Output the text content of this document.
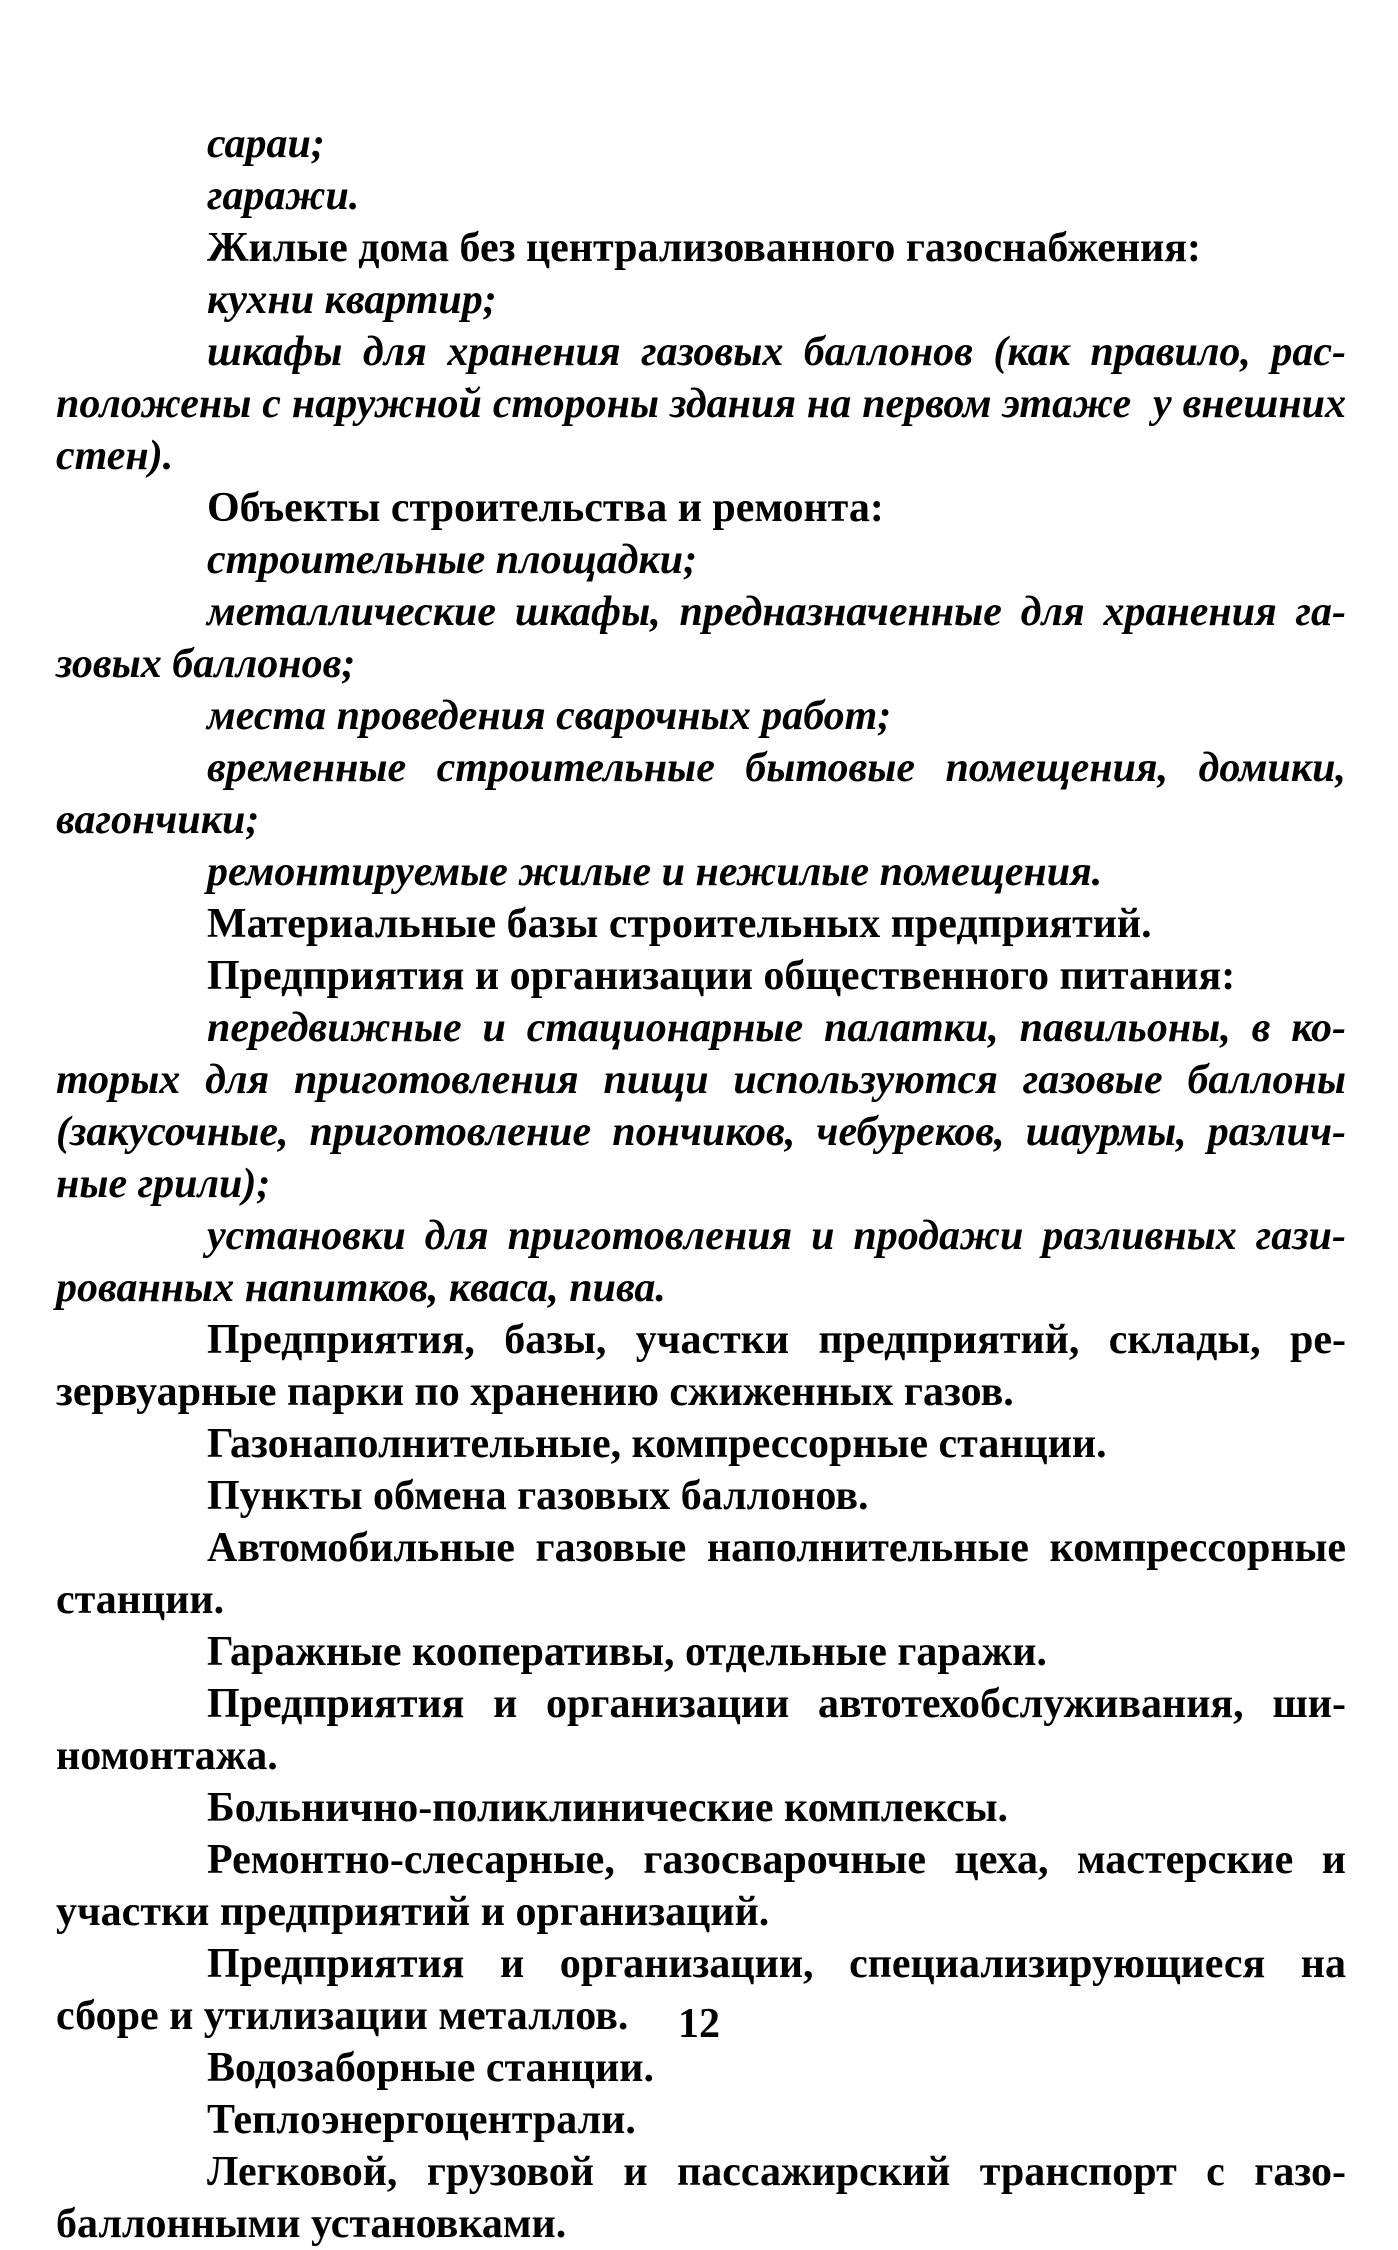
сараи;

гаражи.

Жилые дома без централизованного газоснабжения:

кухни квартир;

шкафы для хранения газовых баллонов (как правило, расположены с наружной стороны здания на первом этаже  у внешних стен).

Объекты строительства и ремонта:

строительные площадки;

металлические шкафы, предназначенные для хранения газовых баллонов;

места проведения сварочных работ;

временные строительные бытовые помещения, домики, вагончики;

ремонтируемые жилые и нежилые помещения.

Материальные базы строительных предприятий.

Предприятия и организации общественного питания:

передвижные и стационарные палатки, павильоны, в которых для приготовления пищи используются газовые баллоны (закусочные, приготовление пончиков, чебуреков, шаурмы, различные грили);

установки для приготовления и продажи разливных газированных напитков, кваса, пива.

Предприятия, базы, участки предприятий, склады, резервуарные парки по хранению сжиженных газов.

Газонаполнительные, компрессорные станции.

Пункты обмена газовых баллонов.

Автомобильные газовые наполнительные компрессорные станции.

Гаражные кооперативы, отдельные гаражи.

Предприятия и организации автотехобслуживания, шиномонтажа.

Больнично-поликлинические комплексы.

Ремонтно-слесарные, газосварочные цеха, мастерские и участки предприятий и организаций.

Предприятия и организации, специализирующиеся на сборе и утилизации металлов.

Водозаборные станции.

Теплоэнергоцентрали.

Легковой, грузовой и пассажирский транспорт с газобаллонными установками.

12
